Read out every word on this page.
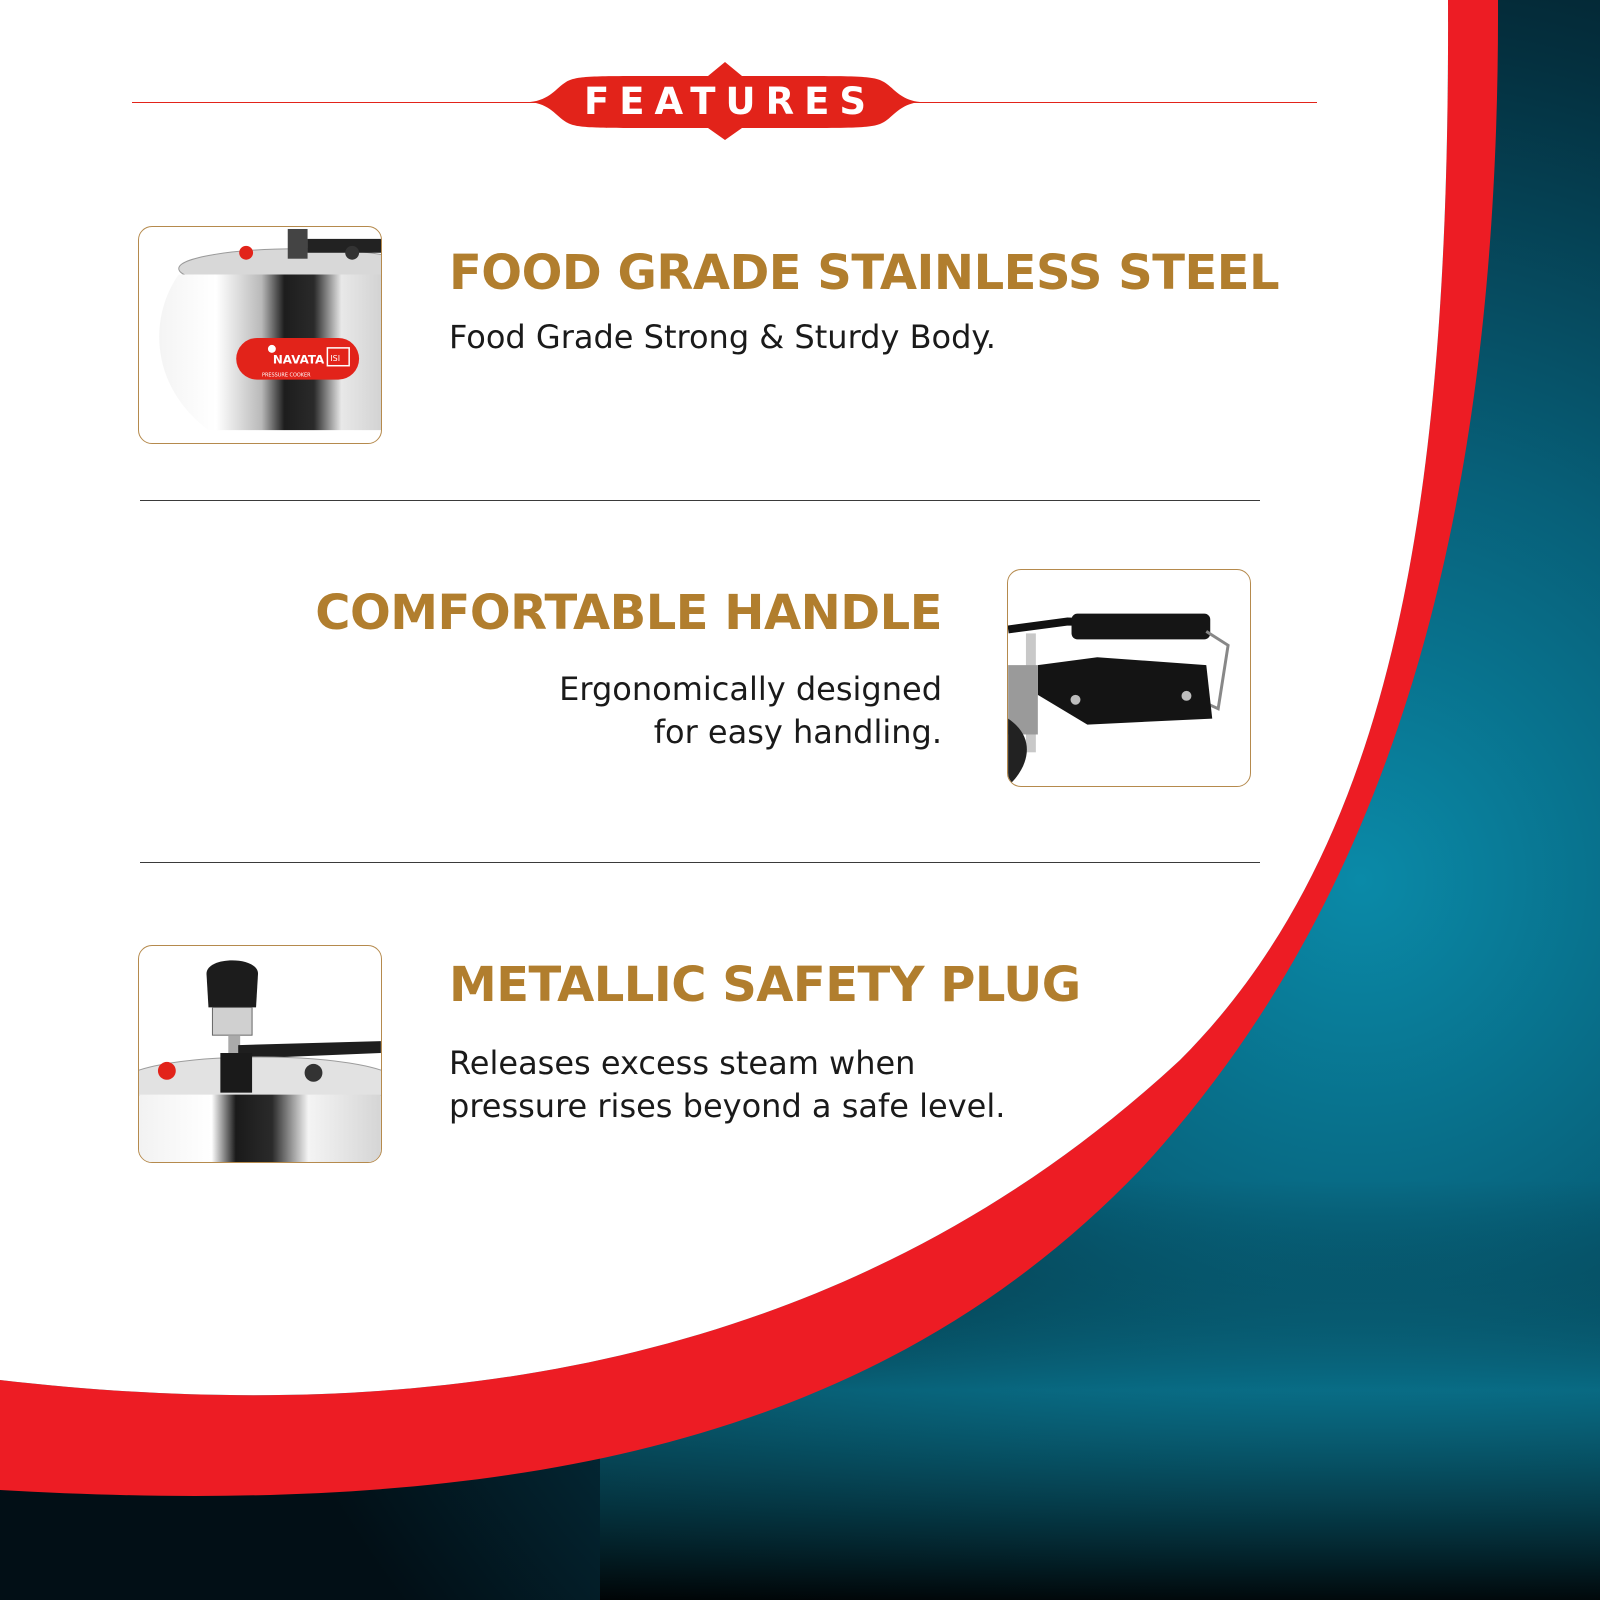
FEATURES
NAVATA
PRESSURE COOKER
ISI
FOOD GRADE STAINLESS STEEL
Food Grade Strong & Sturdy Body.
COMFORTABLE HANDLE
Ergonomically designed
for easy handling.
METALLIC SAFETY PLUG
Releases excess steam when
pressure rises beyond a safe level.
